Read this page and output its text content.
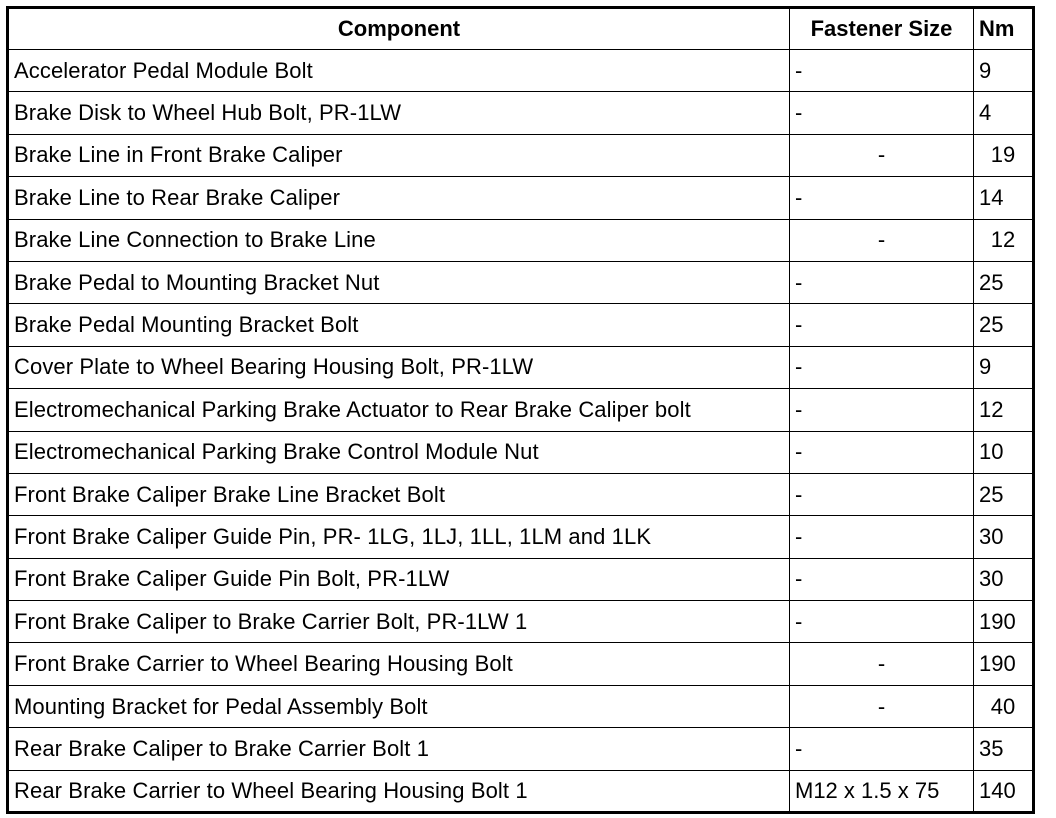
Component	Fastener Size	Nm
Accelerator Pedal Module Bolt	-	9
Brake Disk to Wheel Hub Bolt, PR-1LW	-	4
Brake Line in Front Brake Caliper	-	19
Brake Line to Rear Brake Caliper	-	14
Brake Line Connection to Brake Line	-	12
Brake Pedal to Mounting Bracket Nut	-	25
Brake Pedal Mounting Bracket Bolt	-	25
Cover Plate to Wheel Bearing Housing Bolt, PR-1LW	-	9
Electromechanical Parking Brake Actuator to Rear Brake Caliper bolt	-	12
Electromechanical Parking Brake Control Module Nut	-	10
Front Brake Caliper Brake Line Bracket Bolt	-	25
Front Brake Caliper Guide Pin, PR- 1LG, 1LJ, 1LL, 1LM and 1LK	-	30
Front Brake Caliper Guide Pin Bolt, PR-1LW	-	30
Front Brake Caliper to Brake Carrier Bolt, PR-1LW 1	-	190
Front Brake Carrier to Wheel Bearing Housing Bolt	-	190
Mounting Bracket for Pedal Assembly Bolt	-	40
Rear Brake Caliper to Brake Carrier Bolt 1	-	35
Rear Brake Carrier to Wheel Bearing Housing Bolt 1	M12 x 1.5 x 75	140
